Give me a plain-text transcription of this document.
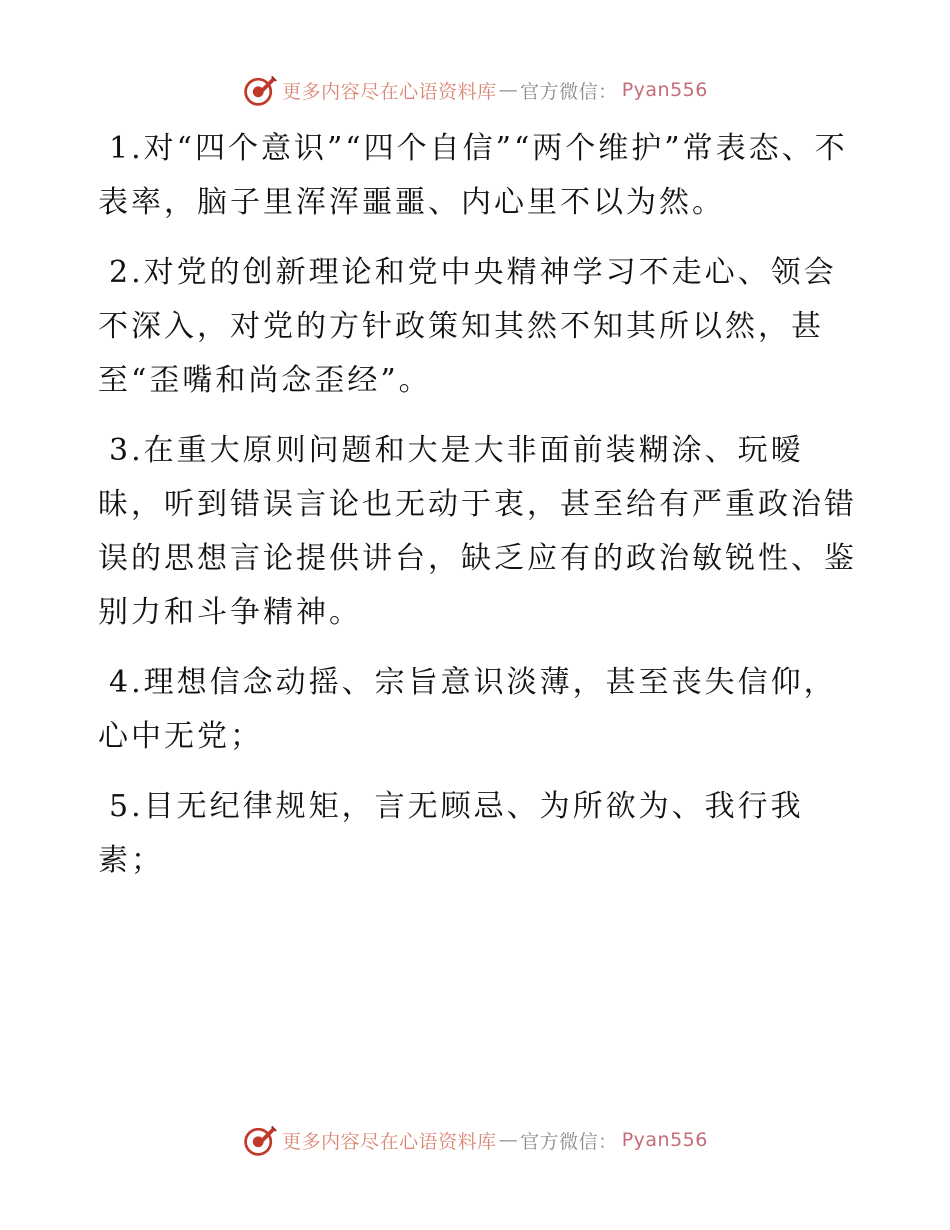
更多内容尽在心语资料库 — 官方微信： Pyan556

1.对“四个意识”“四个自信”“两个维护”常表态、不表率，脑子里浑浑噩噩、内心里不以为然。

2.对党的创新理论和党中央精神学习不走心、领会不深入，对党的方针政策知其然不知其所以然，甚至“歪嘴和尚念歪经”。

3.在重大原则问题和大是大非面前装糊涂、玩暧昧，听到错误言论也无动于衷，甚至给有严重政治错误的思想言论提供讲台，缺乏应有的政治敏锐性、鉴别力和斗争精神。

4.理想信念动摇、宗旨意识淡薄，甚至丧失信仰，心中无党；

5.目无纪律规矩，言无顾忌、为所欲为、我行我素；

更多内容尽在心语资料库 — 官方微信： Pyan556
